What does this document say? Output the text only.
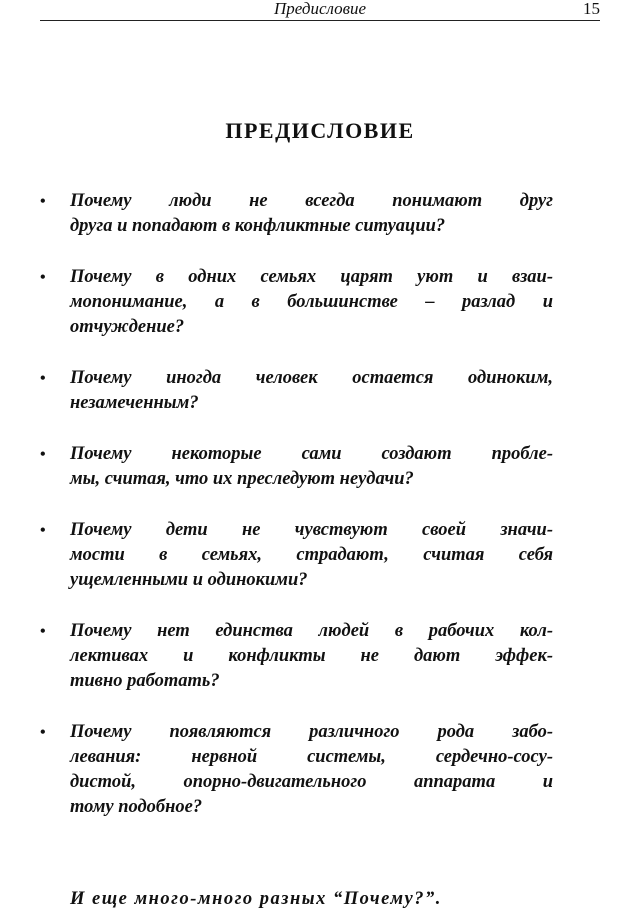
Предисловие	15
ПРЕДИСЛОВИЕ
• Почему люди не всегда понимают друг
друга и попадают в конфликтные ситуации?
• Почему в одних семьях царят уют и взаи-
мопонимание, а в большинстве – разлад и
отчуждение?
• Почему иногда человек остается одиноким,
незамеченным?
• Почему некоторые сами создают пробле-
мы, считая, что их преследуют неудачи?
• Почему дети не чувствуют своей значи-
мости в семьях, страдают, считая себя
ущемленными и одинокими?
• Почему нет единства людей в рабочих кол-
лективах и конфликты не дают эффек-
тивно работать?
• Почему появляются различного рода забо-
левания: нервной системы, сердечно-сосу-
дистой, опорно-двигательного аппарата и
тому подобное?
И еще много-много разных “Почему?”.
